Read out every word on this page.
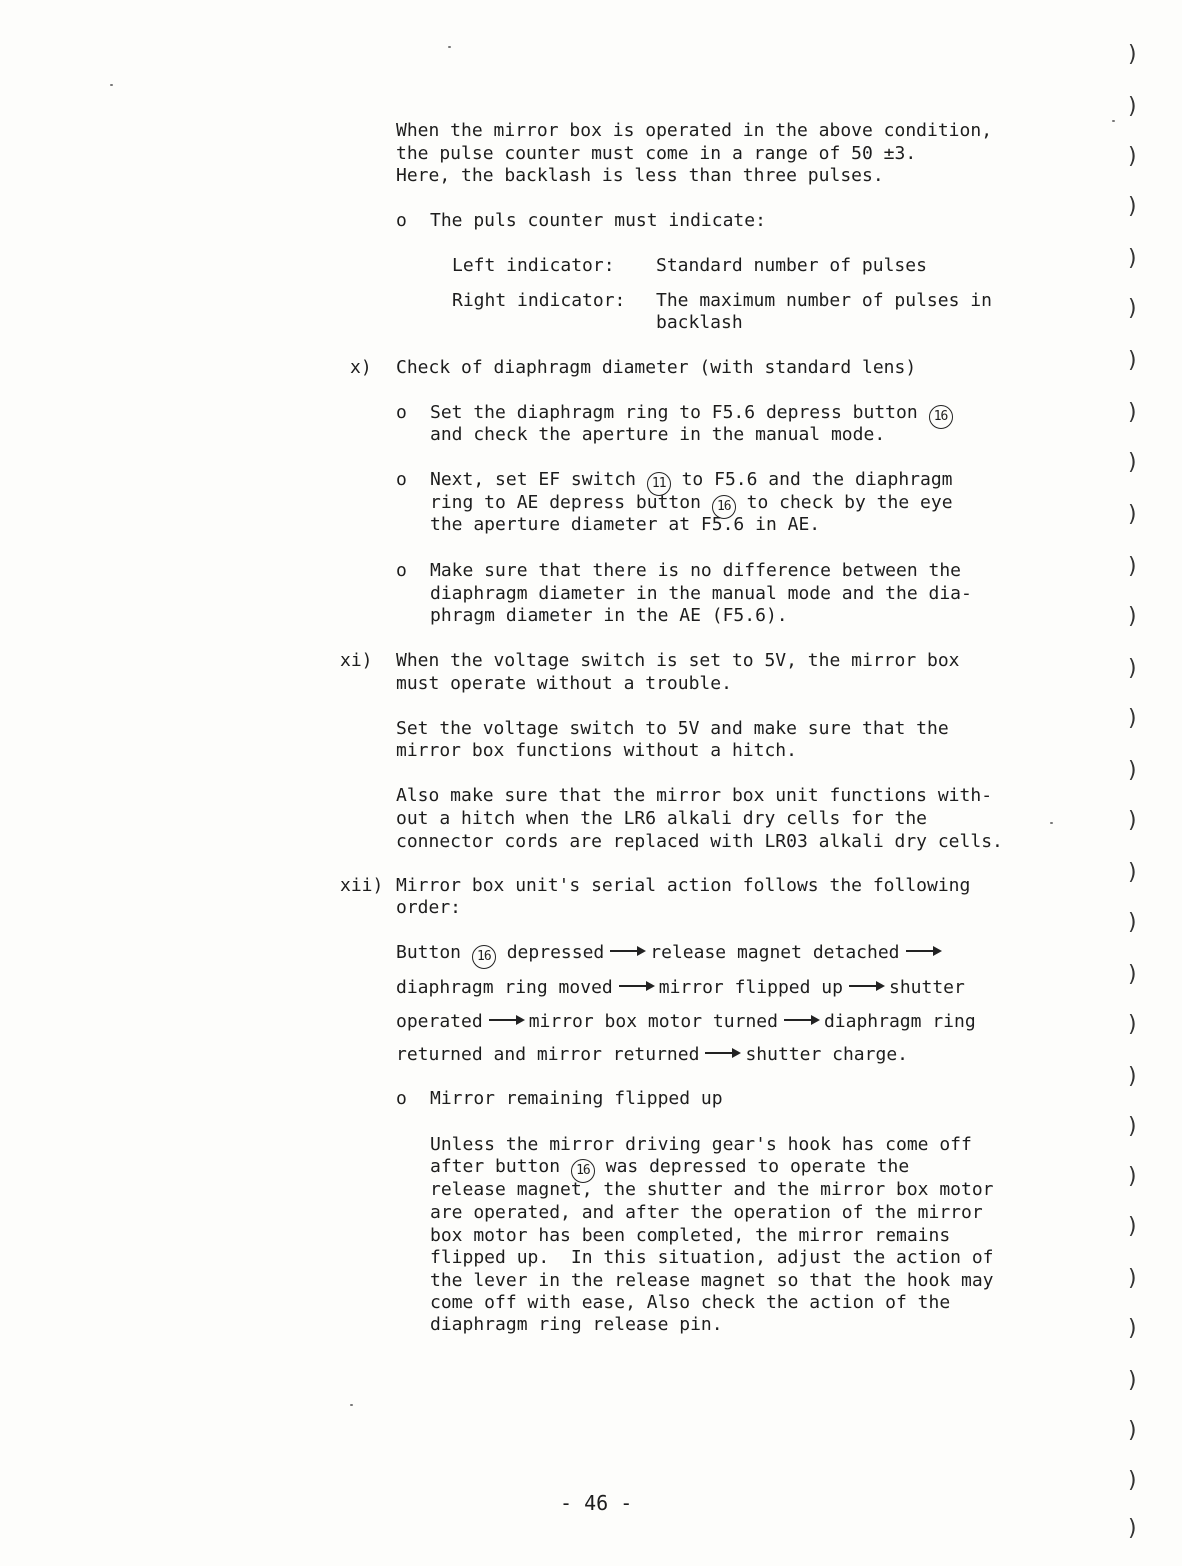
)
)
)
)
)
)
)
)
)
)
)
)
)
)
)
)
)
)
)
)
)
)
)
)
)
)
)
)
)
)
When the mirror box is operated in the above condition,
the pulse counter must come in a range of 50 ±3.
Here, the backlash is less than three pulses.
o The puls counter must indicate:
Left indicator: Standard number of pulses
Right indicator: The maximum number of pulses in
backlash
x) Check of diaphragm diameter (with standard lens)
o Set the diaphragm ring to F5.6 depress button 16
and check the aperture in the manual mode.
o Next, set EF switch 11 to F5.6 and the diaphragm
ring to AE depress button 16 to check by the eye
the aperture diameter at F5.6 in AE.
o Make sure that there is no difference between the
diaphragm diameter in the manual mode and the dia-
phragm diameter in the AE (F5.6).
xi) When the voltage switch is set to 5V, the mirror box
must operate without a trouble.
Set the voltage switch to 5V and make sure that the
mirror box functions without a hitch.
Also make sure that the mirror box unit functions with-
out a hitch when the LR6 alkali dry cells for the
connector cords are replaced with LR03 alkali dry cells.
xii) Mirror box unit's serial action follows the following
order:
Button 16 depressed	release magnet detached
diaphragm ring moved	mirror flipped up	shutter
operated	mirror box motor turned	diaphragm ring
returned and mirror returned	shutter charge.
o Mirror remaining flipped up
Unless the mirror driving gear's hook has come off
after button 16 was depressed to operate the
release magnet, the shutter and the mirror box motor
are operated, and after the operation of the mirror
box motor has been completed, the mirror remains
flipped up.  In this situation, adjust the action of
the lever in the release magnet so that the hook may
come off with ease, Also check the action of the
diaphragm ring release pin.
- 46 -
